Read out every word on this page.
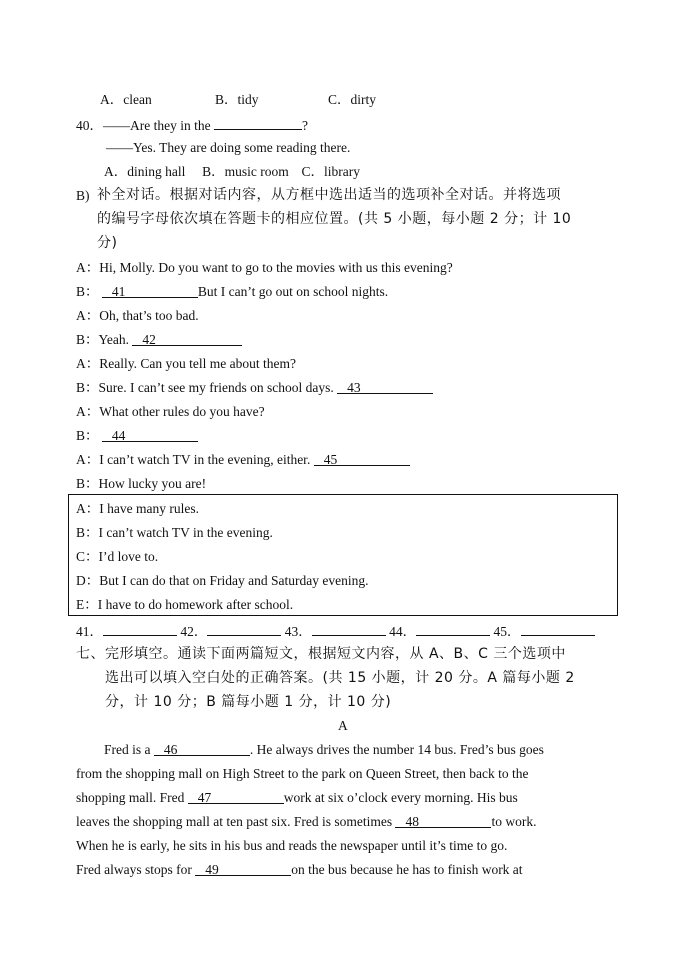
A．clean	B．tidy	C．dirty
40．——Are they in the	?
——Yes. They are doing some reading there.
A．dining hall B．music room C．library
B) 补全对话。根据对话内容，从方框中选出适当的选项补全对话。并将选项
的编号字母依次填在答题卡的相应位置。(共 5 小题，每小题 2 分；计 10
分)
A：Hi, Molly. Do you want to go to the movies with us this evening?
B： 41	But I can’t go out on school nights.
A：Oh, that’s too bad.
B：Yeah. 42
A：Really. Can you tell me about them?
B：Sure. I can’t see my friends on school days. 43
A：What other rules do you have?
B： 44
A：I can’t watch TV in the evening, either. 45
B：How lucky you are!
A：I have many rules.
B：I can’t watch TV in the evening.
C：I’d love to.
D：But I can do that on Friday and Saturday evening.
E：I have to do homework after school.
41．	42．	43．	44．	45．
七、完形填空。通读下面两篇短文，根据短文内容，从 A、B、C 三个选项中
选出可以填入空白处的正确答案。(共 15 小题，计 20 分。A 篇每小题 2
分，计 10 分；B 篇每小题 1 分，计 10 分)
A
Fred is a 46	. He always drives the number 14 bus. Fred’s bus goes
from the shopping mall on High Street to the park on Queen Street, then back to the
shopping mall. Fred 47	work at six o’clock every morning. His bus
leaves the shopping mall at ten past six. Fred is sometimes 48	to work.
When he is early, he sits in his bus and reads the newspaper until it’s time to go.
Fred always stops for 49	on the bus because he has to finish work at
